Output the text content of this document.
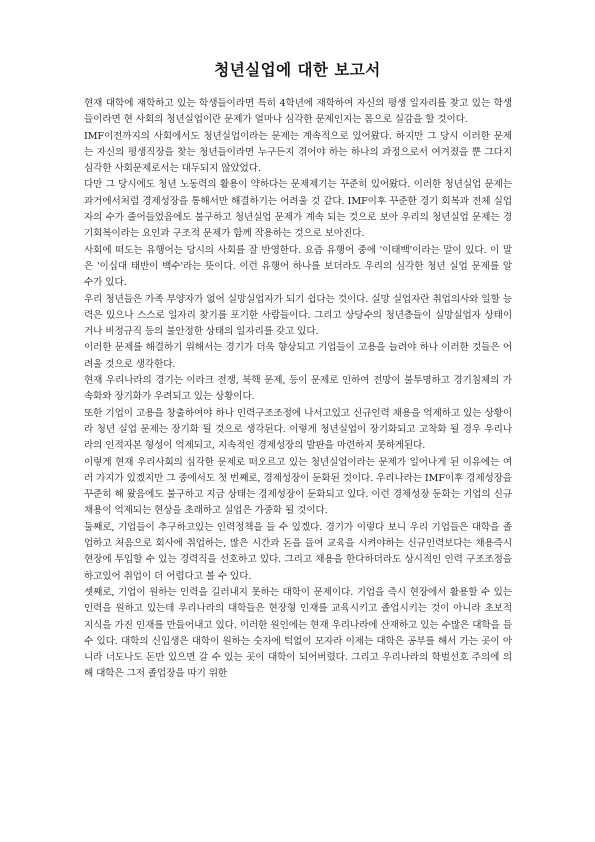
청년실업에 대한 보고서

현재 대학에 재학하고 있는 학생들이라면 특히 4학년에 재학하여 자신의 평생 일자리를 찾고 있는 학생들이라면 현 사회의 청년실업이란 문제가 얼마나 심각한 문제인지는 몸으로 실감을 할 것이다.

IMF이전까지의 사회에서도 청년실업이라는 문제는 계속적으로 있어왔다. 하지만 그 당시 이러한 문제는 자신의 평생직장을 찾는 청년들이라면 누구든지 겪어야 하는 하나의 과정으로서 여겨졌을 뿐 그다지 심각한 사회문제로서는 대두되지 않았었다.

다만 그 당시에도 청년 노동력의 활용이 약하다는 문제제기는 꾸준히 있어왔다. 이러한 청년실업 문제는 과거에서처럼 경제성장을 통해서만 해결하기는 어려울 것 같다. IMF이후 꾸준한 경기 회복과 전체 실업자의 수가 줄어들었음에도 불구하고 청년실업 문제가 계속 되는 것으로 보아 우리의 청년실업 문제는 경기회복이라는 요인과 구조적 문제가 함께 작용하는 것으로 보아진다.

사회에 떠도는 유행어는 당시의 사회를 잘 반영한다. 요즘 유행어 중에 '이태백'이라는 말이 있다. 이 말은 '이십대 태반이 백수'라는 뜻이다. 이런 유행어 하나를 보더라도 우리의 심각한 청년 실업 문제를 알 수가 있다.

우리 청년들은 가족 부양자가 없어 실망실업자가 되기 쉽다는 것이다. 실망 실업자란 취업의사와 일할 능력은 있으나 스스로 일자리 찾기를 포기한 사람들이다. 그리고 상당수의 청년층들이 실망실업자 상태이거나 비정규직 등의 불안정한 상태의 일자리를 갖고 있다.

이러한 문제를 해결하기 위해서는 경기가 더욱 향상되고 기업들이 고용을 늘려야 하나 이러한 것들은 어려울 것으로 생각한다.

현재 우리나라의 경기는 이라크 전쟁, 북핵 문제, 등이 문제로 인하여 전망이 불투명하고 경기침체의 가속화와 장기화가 우려되고 있는 상황이다.

또한 기업이 고용을 창출하여야 하나 인력구조조정에 나서고있고 신규인력 채용을 억제하고 있는 상황이라 청년 실업 문제는 장기화 될 것으로 생각된다. 이렇게 청년실업이 장기화되고 고착화 될 경우 우리나라의 인적자본 형성이 억제되고, 지속적인 경제성장의 발판을 마련하지 못하게된다.

이렇게 현재 우리사회의 심각한 문제로 떠오르고 있는 청년실업이라는 문제가 일어나게 된 이유에는 여러 가지가 있겠지만 그 중에서도 첫 번째로, 경제성장이 둔화된 것이다. 우리나라는 IMF이후 경제성장을 꾸준히 해 왔음에도 불구하고 지금 상태는 경제성장이 둔화되고 있다. 이런 경제성장 둔화는 기업의 신규채용이 억제되는 현상을 초래하고 실업은 가중화 될 것이다.

둘째로, 기업들이 추구하고있는 인력정책을 들 수 있겠다. 경기가 이렇다 보니 우리 기업들은 대학을 졸업하고 처음으로 회사에 취업하는, 많은 시간과 돈을 들여 교육을 시켜야하는 신규인력보다는 채용즉시 현장에 투입할 수 있는 경력직을 선호하고 있다. 그리고 채용을 한다하더라도 상시적인 인력 구조조정을 하고있어 취업이 더 어렵다고 볼 수 있다.

셋째로, 기업이 원하는 인력을 길러내지 못하는 대학이 문제이다. 기업을 즉시 현장에서 활용할 수 있는 인력을 원하고 있는데 우리나라의 대학들은 현장형 인재를 교육시키고 졸업시키는 것이 아니라 초보적 지식을 가진 인재를 만들어내고 있다. 이러한 원인에는 현재 우리나라에 산재하고 있는 수많은 대학을 들 수 있다. 대학의 신입생은 대학이 원하는 숫자에 턱없이 모자라 이제는 대학은 공부를 해서 가는 곳이 아니라 너도나도 돈만 있으면 갈 수 있는 곳이 대학이 되어버렸다. 그리고 우리나라의 학벌선호 주의에 의해 대학은 그저 졸업장을 따기 위한
